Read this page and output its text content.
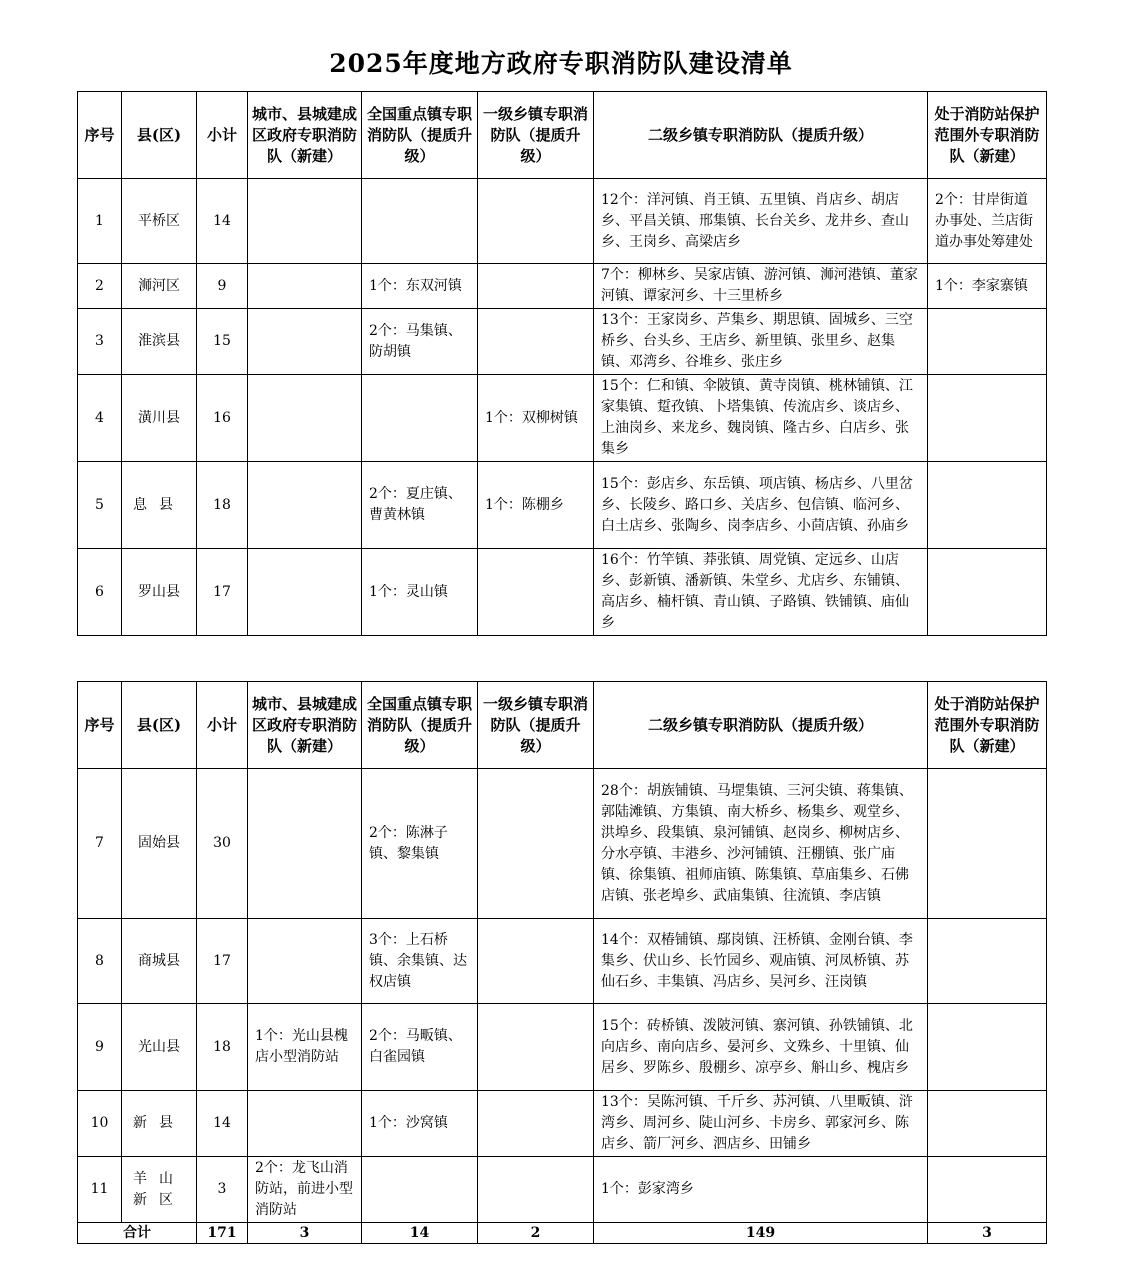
2025年度地方政府专职消防队建设清单
序号	县(区)	小计	城市、县城建成区政府专职消防队（新建）	全国重点镇专职消防队（提质升级）	一级乡镇专职消防队（提质升级）	二级乡镇专职消防队（提质升级）	处于消防站保护范围外专职消防队（新建）
1	平桥区	14				12个：洋河镇、肖王镇、五里镇、肖店乡、胡店乡、平昌关镇、邢集镇、长台关乡、龙井乡、查山乡、王岗乡、高梁店乡	2个：甘岸街道办事处、兰店街道办事处筹建处
2	浉河区	9		1个：东双河镇		7个：柳林乡、吴家店镇、游河镇、浉河港镇、董家河镇、谭家河乡、十三里桥乡	1个：李家寨镇
3	淮滨县	15		2个：马集镇、防胡镇		13个：王家岗乡、芦集乡、期思镇、固城乡、三空桥乡、台头乡、王店乡、新里镇、张里乡、赵集镇、邓湾乡、谷堆乡、张庄乡	
4	潢川县	16			1个：双柳树镇	15个：仁和镇、伞陂镇、黄寺岗镇、桃林铺镇、江家集镇、踅孜镇、卜塔集镇、传流店乡、谈店乡、上油岗乡、来龙乡、魏岗镇、隆古乡、白店乡、张集乡	
5	息县	18		2个：夏庄镇、曹黄林镇	1个：陈棚乡	15个：彭店乡、东岳镇、项店镇、杨店乡、八里岔乡、长陵乡、路口乡、关店乡、包信镇、临河乡、白土店乡、张陶乡、岗李店乡、小茴店镇、孙庙乡	
6	罗山县	17		1个：灵山镇		16个：竹竿镇、莽张镇、周党镇、定远乡、山店乡、彭新镇、潘新镇、朱堂乡、尤店乡、东铺镇、高店乡、楠杆镇、青山镇、子路镇、铁铺镇、庙仙乡	
序号	县(区)	小计	城市、县城建成区政府专职消防队（新建）	全国重点镇专职消防队（提质升级）	一级乡镇专职消防队（提质升级）	二级乡镇专职消防队（提质升级）	处于消防站保护范围外专职消防队（新建）
7	固始县	30		2个：陈淋子镇、黎集镇		28个：胡族铺镇、马堽集镇、三河尖镇、蒋集镇、郭陆滩镇、方集镇、南大桥乡、杨集乡、观堂乡、洪埠乡、段集镇、泉河铺镇、赵岗乡、柳树店乡、分水亭镇、丰港乡、沙河铺镇、汪棚镇、张广庙镇、徐集镇、祖师庙镇、陈集镇、草庙集乡、石佛店镇、张老埠乡、武庙集镇、往流镇、李店镇	
8	商城县	17		3个：上石桥镇、余集镇、达权店镇		14个：双椿铺镇、鄢岗镇、汪桥镇、金刚台镇、李集乡、伏山乡、长竹园乡、观庙镇、河凤桥镇、苏仙石乡、丰集镇、冯店乡、吴河乡、汪岗镇	
9	光山县	18	1个：光山县槐店小型消防站	2个：马畈镇、白雀园镇		15个：砖桥镇、泼陂河镇、寨河镇、孙铁铺镇、北向店乡、南向店乡、晏河乡、文殊乡、十里镇、仙居乡、罗陈乡、殷棚乡、凉亭乡、斛山乡、槐店乡	
10	新县	14		1个：沙窝镇		13个：吴陈河镇、千斤乡、苏河镇、八里畈镇、浒湾乡、周河乡、陡山河乡、卡房乡、郭家河乡、陈店乡、箭厂河乡、泗店乡、田铺乡	
11	羊山新区	3	2个：龙飞山消防站，前进小型消防站			1个：彭家湾乡	
合计		171	3	14	2	149	3
